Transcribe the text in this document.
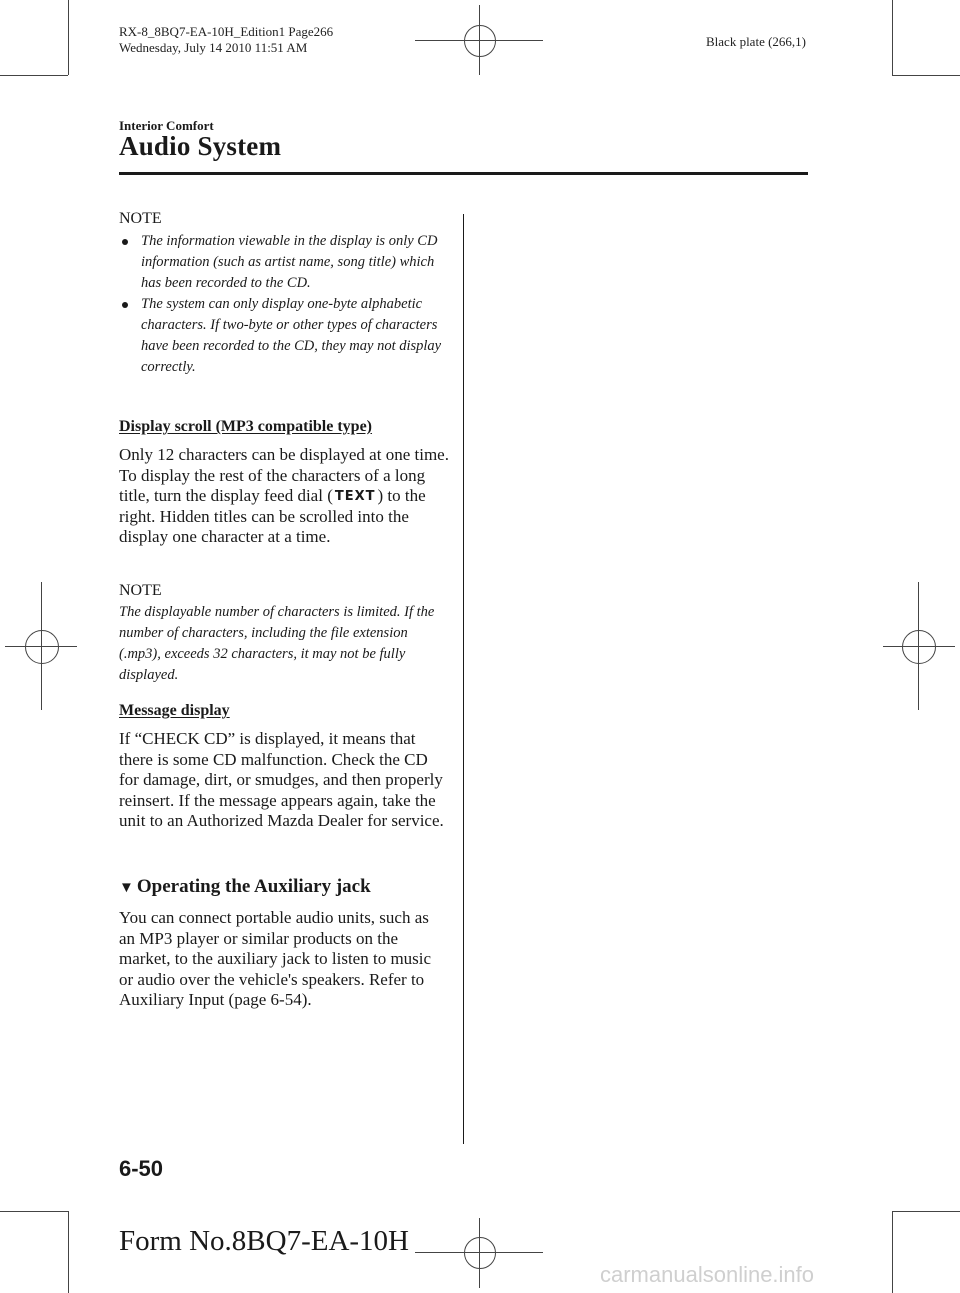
RX-8_8BQ7-EA-10H_Edition1 Page266
Wednesday, July 14 2010 11:51 AM	Black plate (266,1)
Interior Comfort
Audio System
NOTE
The information viewable in the display is only CD information (such as artist name, song title) which has been recorded to the CD.
The system can only display one-byte alphabetic characters. If two-byte or other types of characters have been recorded to the CD, they may not display correctly.
Display scroll (MP3 compatible type)
Only 12 characters can be displayed at one time. To display the rest of the characters of a long title, turn the display feed dial ( TEXT ) to the right. Hidden titles can be scrolled into the display one character at a time.
NOTE
The displayable number of characters is limited. If the number of characters, including the file extension (.mp3), exceeds 32 characters, it may not be fully displayed.
Message display
If “CHECK CD” is displayed, it means that there is some CD malfunction. Check the CD for damage, dirt, or smudges, and then properly reinsert. If the message appears again, take the unit to an Authorized Mazda Dealer for service.
▼ Operating the Auxiliary jack
You can connect portable audio units, such as an MP3 player or similar products on the market, to the auxiliary jack to listen to music or audio over the vehicle's speakers. Refer to Auxiliary Input (page 6-54).
6-50
Form No.8BQ7-EA-10H
carmanualsonline.info
